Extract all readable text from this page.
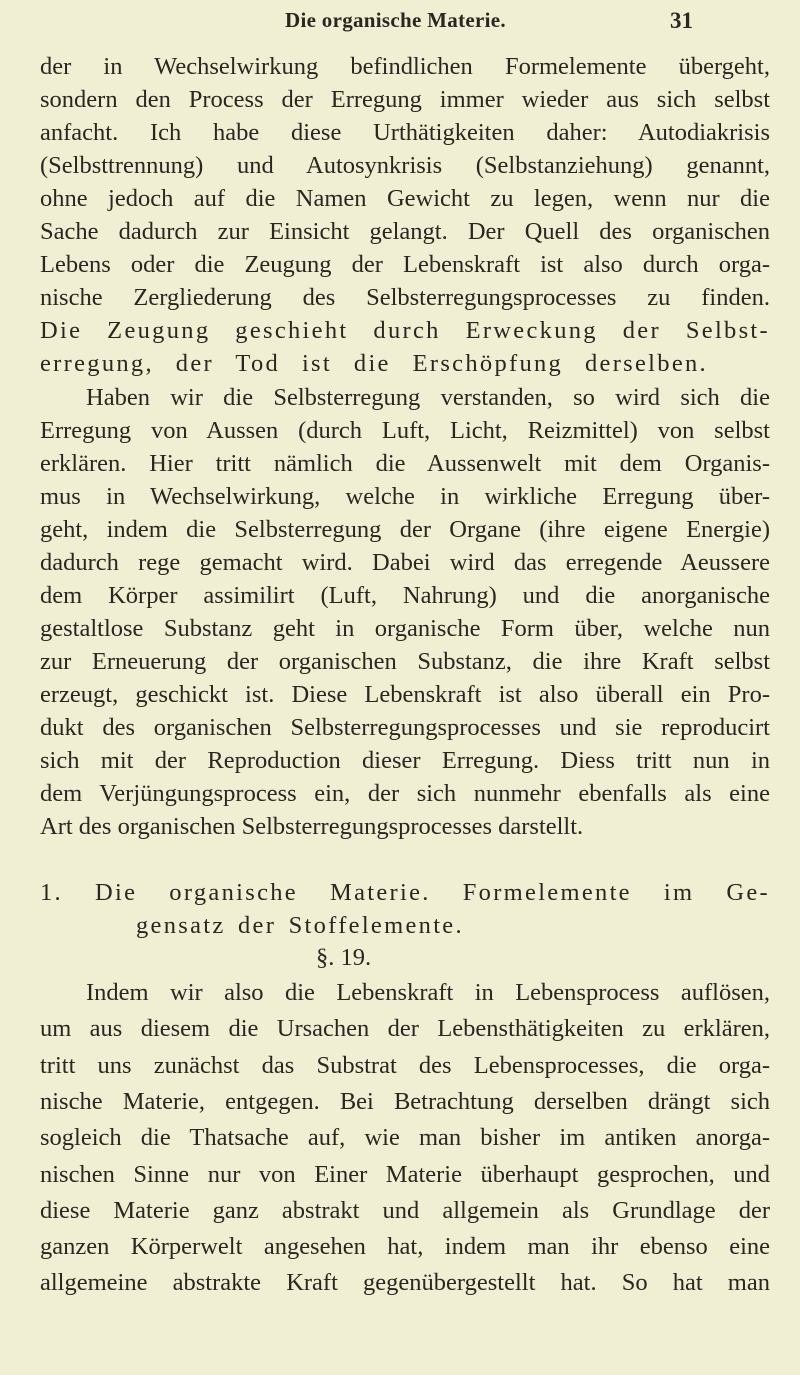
Die organische Materie.	31
der in Wechselwirkung befindlichen Formelemente übergeht,
sondern den Process der Erregung immer wieder aus sich selbst
anfacht. Ich habe diese Urthätigkeiten daher: Autodiakrisis
(Selbsttrennung) und Autosynkrisis (Selbstanziehung) genannt,
ohne jedoch auf die Namen Gewicht zu legen, wenn nur die
Sache dadurch zur Einsicht gelangt. Der Quell des organischen
Lebens oder die Zeugung der Lebenskraft ist also durch orga-
nische Zergliederung des Selbsterregungsprocesses zu finden.
Die Zeugung geschieht durch Erweckung der Selbst-
erregung, der Tod ist die Erschöpfung derselben.
Haben wir die Selbsterregung verstanden, so wird sich die
Erregung von Aussen (durch Luft, Licht, Reizmittel) von selbst
erklären. Hier tritt nämlich die Aussenwelt mit dem Organis-
mus in Wechselwirkung, welche in wirkliche Erregung über-
geht, indem die Selbsterregung der Organe (ihre eigene Energie)
dadurch rege gemacht wird. Dabei wird das erregende Aeussere
dem Körper assimilirt (Luft, Nahrung) und die anorganische
gestaltlose Substanz geht in organische Form über, welche nun
zur Erneuerung der organischen Substanz, die ihre Kraft selbst
erzeugt, geschickt ist. Diese Lebenskraft ist also überall ein Pro-
dukt des organischen Selbsterregungsprocesses und sie reproducirt
sich mit der Reproduction dieser Erregung. Diess tritt nun in
dem Verjüngungsprocess ein, der sich nunmehr ebenfalls als eine
Art des organischen Selbsterregungsprocesses darstellt.
1. Die organische Materie. Formelemente im Ge-
gensatz der Stoffelemente.
§. 19.
Indem wir also die Lebenskraft in Lebensprocess auflösen,
um aus diesem die Ursachen der Lebensthätigkeiten zu erklären,
tritt uns zunächst das Substrat des Lebensprocesses, die orga-
nische Materie, entgegen. Bei Betrachtung derselben drängt sich
sogleich die Thatsache auf, wie man bisher im antiken anorga-
nischen Sinne nur von Einer Materie überhaupt gesprochen, und
diese Materie ganz abstrakt und allgemein als Grundlage der
ganzen Körperwelt angesehen hat, indem man ihr ebenso eine
allgemeine abstrakte Kraft gegenübergestellt hat. So hat man
